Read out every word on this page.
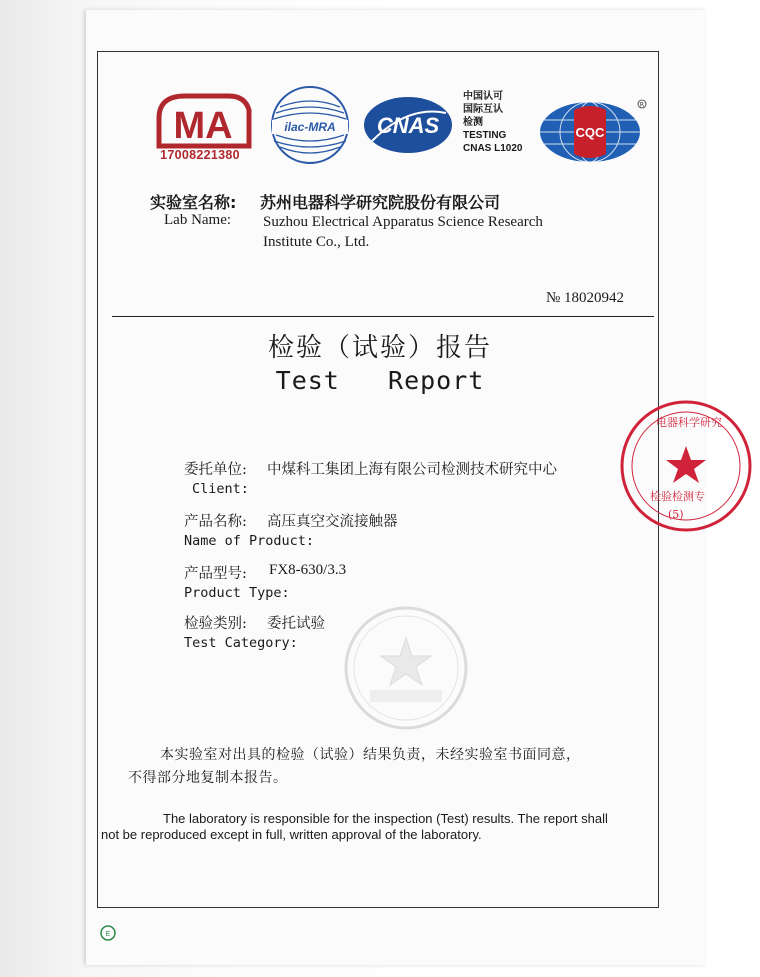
MA
17008221380
ilac-MRA CNAS
中国认可
国际互认
检测
TESTING
CNAS L1020
CQC
R
实验室名称: 苏州电器科学研究院股份有限公司
Lab Name: Suzhou Electrical Apparatus Science Research
Institute Co., Ltd.
№ 18020942
检验（试验）报告
Test   Report
委托单位: 中煤科工集团上海有限公司检测技术研究中心
Client:
产品名称: 高压真空交流接触器
Name of Product:
产品型号: FX8-630/3.3
Product Type:
检验类别: 委托试验
Test Category:
检验检测专
(5)
电器科学研究
本实验室对出具的检验（试验）结果负责，未经实验室书面同意，
不得部分地复制本报告。
The laboratory is responsible for the inspection (Test) results. The report shall
not be reproduced except in full, written approval of the laboratory.
E
